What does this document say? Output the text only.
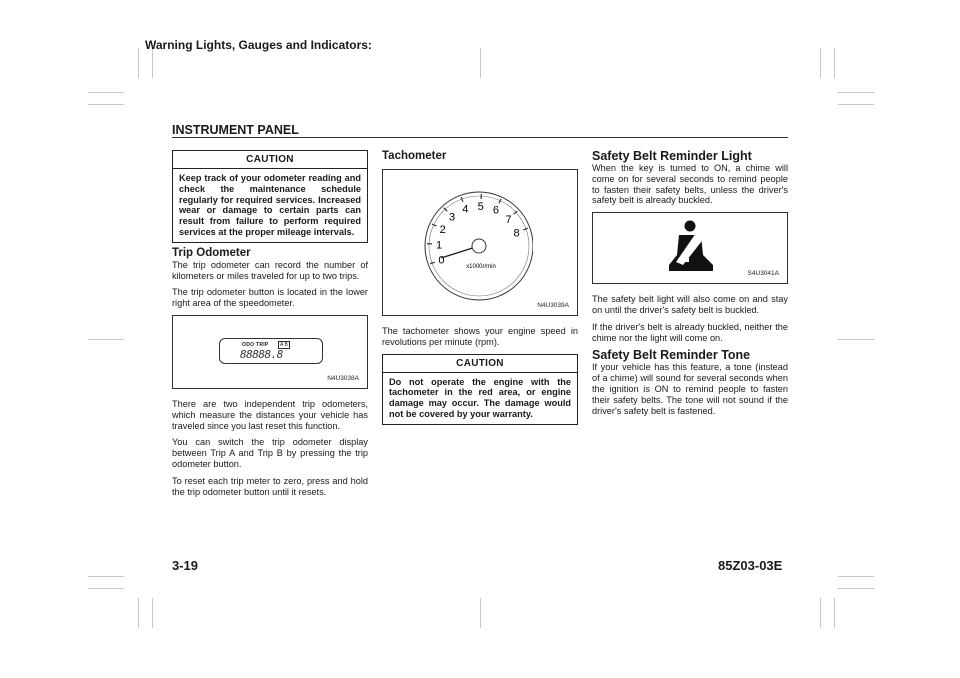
Warning Lights, Gauges and Indicators:
INSTRUMENT PANEL
CAUTION
Keep track of your odometer reading and check the maintenance schedule regularly for required services. Increased wear or damage to certain parts can result from failure to perform required services at the proper mileage intervals.

Trip Odometer

The trip odometer can record the number of kilometers or miles traveled for up to two trips.

The trip odometer button is located in the lower right area of the speedometer.

ODO TRIP	A B
88888.8
N4U3038A

There are two independent trip odometers, which measure the distances your vehicle has traveled since you last reset this function.

You can switch the trip odometer display between Trip A and Trip B by pressing the trip odometer button.

To reset each trip meter to zero, press and hold the trip odometer button until it resets.

Tachometer

0
1
2
3
4 5 6
7
8
x1000r/min
N4U3039A

The tachometer shows your engine speed in revolutions per minute (rpm).

CAUTION
Do not operate the engine with the tachometer in the red area, or engine damage may occur. The damage would not be covered by your warranty.

Safety Belt Reminder Light

When the key is turned to ON, a chime will come on for several seconds to remind people to fasten their safety belts, unless the driver's safety belt is already buckled.

S4U3041A

The safety belt light will also come on and stay on until the driver's safety belt is buckled.

If the driver's belt is already buckled, neither the chime nor the light will come on.

Safety Belt Reminder Tone

If your vehicle has this feature, a tone (instead of a chime) will sound for several seconds when the ignition is ON to remind people to fasten their safety belts. The tone will not sound if the driver's safety belt is fastened.

3-19	85Z03-03E
